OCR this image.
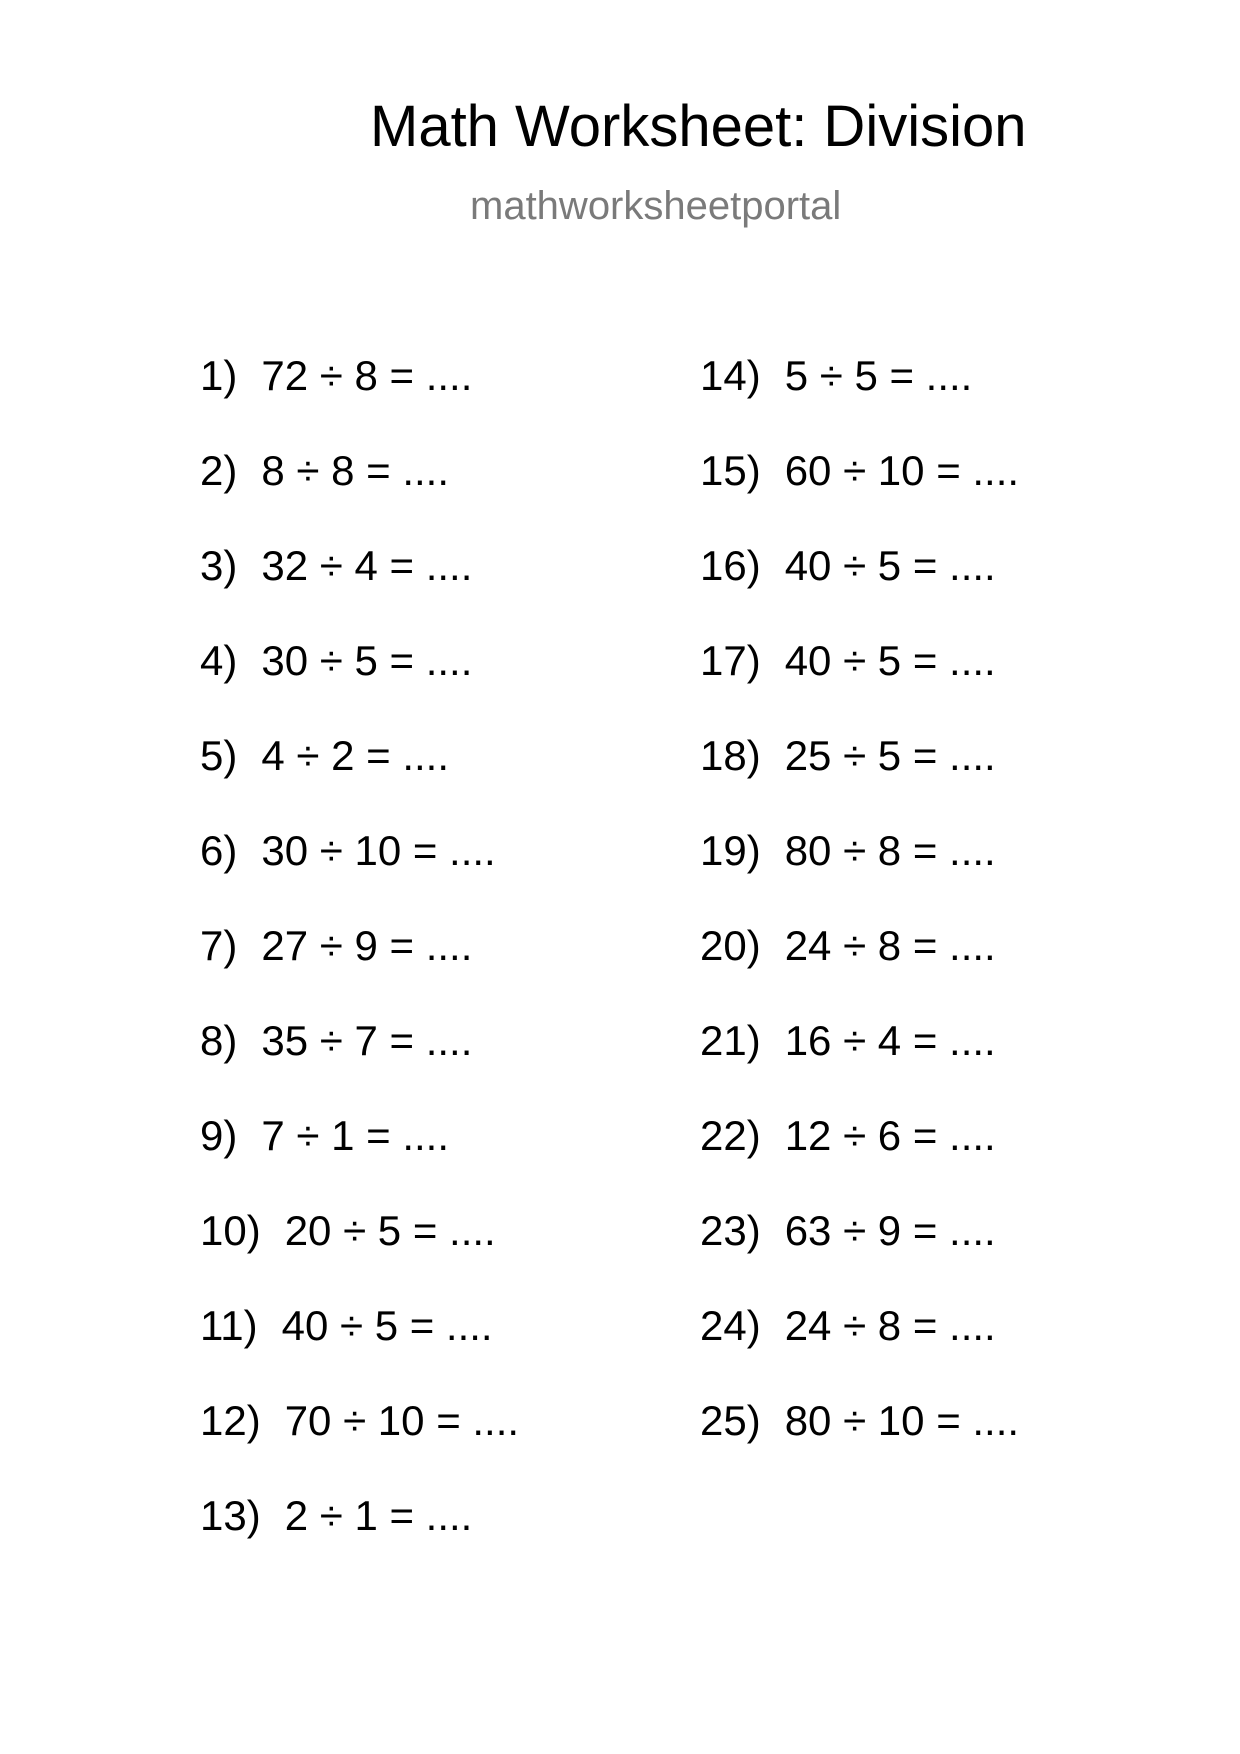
Math Worksheet: Division
mathworksheetportal
1) 72 ÷ 8 = ....
2) 8 ÷ 8 = ....
3) 32 ÷ 4 = ....
4) 30 ÷ 5 = ....
5) 4 ÷ 2 = ....
6) 30 ÷ 10 = ....
7) 27 ÷ 9 = ....
8) 35 ÷ 7 = ....
9) 7 ÷ 1 = ....
10) 20 ÷ 5 = ....
11) 40 ÷ 5 = ....
12) 70 ÷ 10 = ....
13) 2 ÷ 1 = ....
14) 5 ÷ 5 = ....
15) 60 ÷ 10 = ....
16) 40 ÷ 5 = ....
17) 40 ÷ 5 = ....
18) 25 ÷ 5 = ....
19) 80 ÷ 8 = ....
20) 24 ÷ 8 = ....
21) 16 ÷ 4 = ....
22) 12 ÷ 6 = ....
23) 63 ÷ 9 = ....
24) 24 ÷ 8 = ....
25) 80 ÷ 10 = ....
